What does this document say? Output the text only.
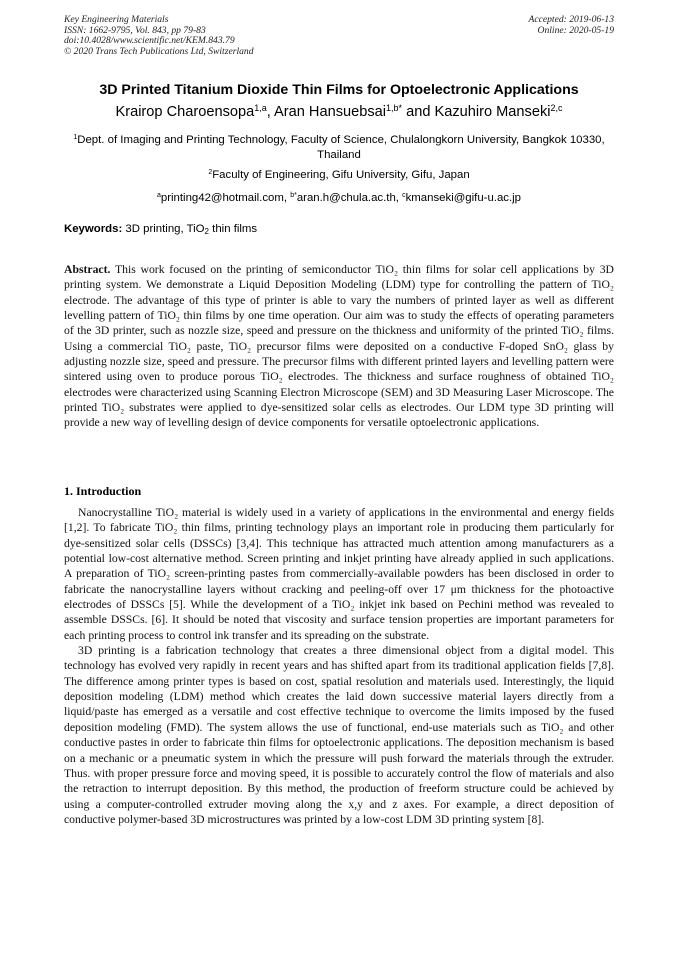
Key Engineering Materials
ISSN: 1662-9795, Vol. 843, pp 79-83
doi:10.4028/www.scientific.net/KEM.843.79
© 2020 Trans Tech Publications Ltd, Switzerland
Accepted: 2019-06-13
Online: 2020-05-19
3D Printed Titanium Dioxide Thin Films for Optoelectronic Applications
Krairop Charoensopa$^{1,a}$, Aran Hansuebsai$^{1,b*}$ and Kazuhiro Manseki$^{2,c}$
$^1$Dept. of Imaging and Printing Technology, Faculty of Science, Chulalongkorn University, Bangkok 10330, Thailand
$^2$Faculty of Engineering, Gifu University, Gifu, Japan
$^a$printing42@hotmail.com, $^{b*}$aran.h@chula.ac.th, $^c$kmanseki@gifu-u.ac.jp
Keywords: 3D printing, TiO$_2$ thin films
Abstract. This work focused on the printing of semiconductor TiO₂ thin films for solar cell applications by 3D printing system. We demonstrate a Liquid Deposition Modeling (LDM) type for controlling the pattern of TiO₂ electrode. The advantage of this type of printer is able to vary the numbers of printed layer as well as different levelling pattern of TiO₂ thin films by one time operation. Our aim was to study the effects of operating parameters of the 3D printer, such as nozzle size, speed and pressure on the thickness and uniformity of the printed TiO₂ films. Using a commercial TiO₂ paste, TiO₂ precursor films were deposited on a conductive F-doped SnO₂ glass by adjusting nozzle size, speed and pressure. The precursor films with different printed layers and levelling pattern were sintered using oven to produce porous TiO₂ electrodes. The thickness and surface roughness of obtained TiO₂ electrodes were characterized using Scanning Electron Microscope (SEM) and 3D Measuring Laser Microscope. The printed TiO₂ substrates were applied to dye-sensitized solar cells as electrodes. Our LDM type 3D printing will provide a new way of levelling design of device components for versatile optoelectronic applications.
1. Introduction

Nanocrystalline TiO₂ material is widely used in a variety of applications in the environmental and energy fields [1,2]. To fabricate TiO₂ thin films, printing technology plays an important role in producing them particularly for dye-sensitized solar cells (DSSCs) [3,4]. This technique has attracted much attention among manufacturers as a potential low-cost alternative method. Screen printing and inkjet printing have already applied in such applications. A preparation of TiO₂ screen-printing pastes from commercially-available powders has been disclosed in order to fabricate the nanocrystalline layers without cracking and peeling-off over 17 μm thickness for the photoactive electrodes of DSSCs [5]. While the development of a TiO₂ inkjet ink based on Pechini method was revealed to assemble DSSCs. [6]. It should be noted that viscosity and surface tension properties are important parameters for each printing process to control ink transfer and its spreading on the substrate.

3D printing is a fabrication technology that creates a three dimensional object from a digital model. This technology has evolved very rapidly in recent years and has shifted apart from its traditional application fields [7,8]. The difference among printer types is based on cost, spatial resolution and materials used. Interestingly, the liquid deposition modeling (LDM) method which creates the laid down successive material layers directly from a liquid/paste has emerged as a versatile and cost effective technique to overcome the limits imposed by the fused deposition modeling (FMD). The system allows the use of functional, end-use materials such as TiO₂ and other conductive pastes in order to fabricate thin films for optoelectronic applications. The deposition mechanism is based on a mechanic or a pneumatic system in which the pressure will push forward the materials through the extruder. Thus. with proper pressure force and moving speed, it is possible to accurately control the flow of materials and also the retraction to interrupt deposition. By this method, the production of freeform structure could be achieved by using a computer-controlled extruder moving along the x,y and z axes. For example, a direct deposition of conductive polymer-based 3D microstructures was printed by a low-cost LDM 3D printing system [8].
